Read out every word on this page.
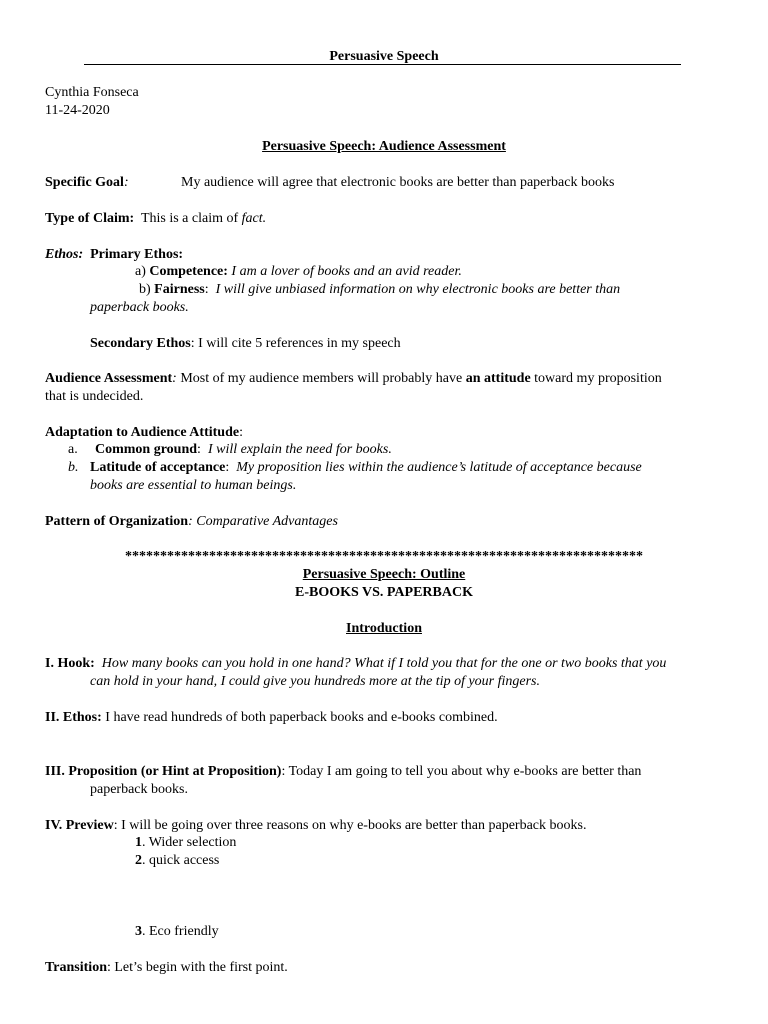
Persuasive Speech
Cynthia Fonseca
11-24-2020
Persuasive Speech: Audience Assessment
Specific Goal:	My audience will agree that electronic books are better than paperback books
Type of Claim: This is a claim of fact.
Ethos: Primary Ethos:
a) Competence: I am a lover of books and an avid reader.
b) Fairness: I will give unbiased information on why electronic books are better than
paperback books.
Secondary Ethos: I will cite 5 references in my speech
Audience Assessment: Most of my audience members will probably have an attitude toward my proposition
that is undecided.
Adaptation to Audience Attitude:
a. Common ground: I will explain the need for books.
b. Latitude of acceptance: My proposition lies within the audience’s latitude of acceptance because
books are essential to human beings.
Pattern of Organization: Comparative Advantages
**************************************************************************
Persuasive Speech: Outline
E-BOOKS VS. PAPERBACK
Introduction
I. Hook: How many books can you hold in one hand? What if I told you that for the one or two books that you
can hold in your hand, I could give you hundreds more at the tip of your fingers.
II. Ethos: I have read hundreds of both paperback books and e-books combined.
III. Proposition (or Hint at Proposition): Today I am going to tell you about why e-books are better than
paperback books.
IV. Preview: I will be going over three reasons on why e-books are better than paperback books.
1. Wider selection
2. quick access
3. Eco friendly
Transition: Let’s begin with the first point.
